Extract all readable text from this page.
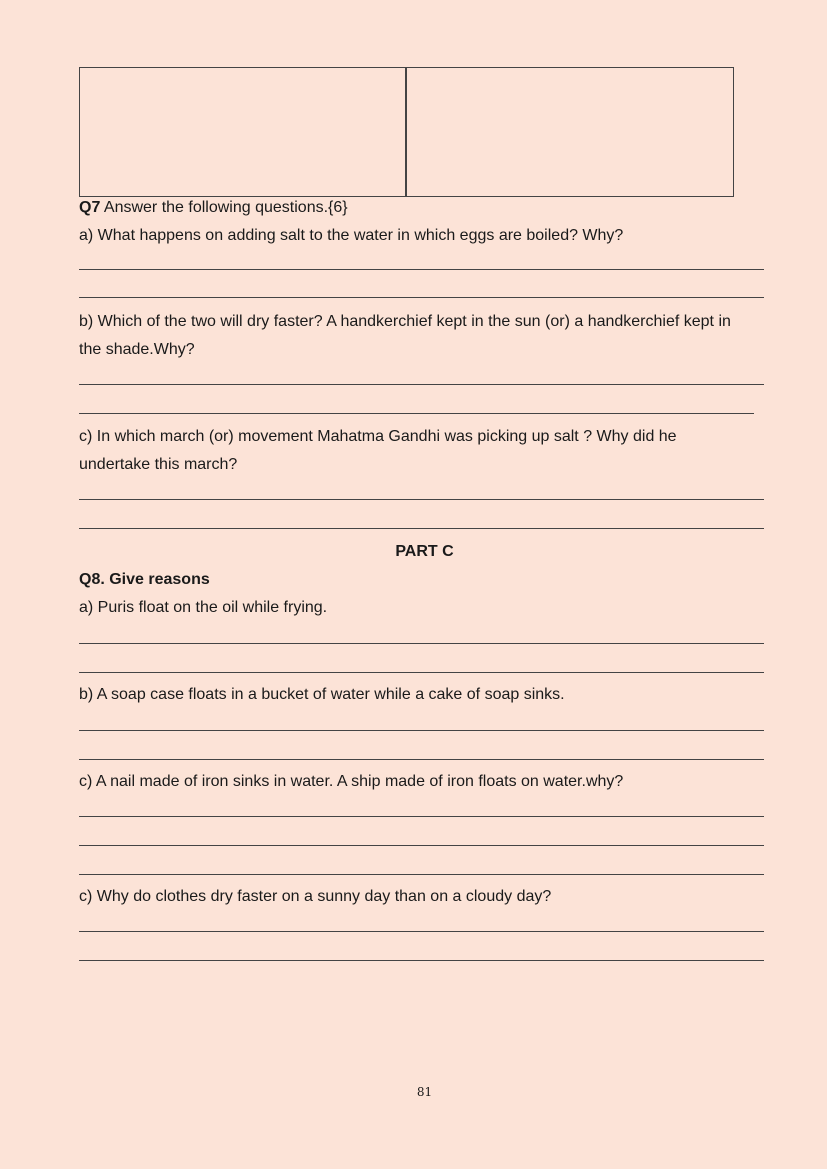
Q7 Answer the following questions.{6}
a) What happens on adding salt to the water in which eggs are boiled? Why?
b) Which of the two will dry faster? A handkerchief kept in the sun (or) a handkerchief kept in
the shade.Why?
c) In which march (or) movement Mahatma Gandhi was picking up salt ? Why did he
undertake this march?
PART C
Q8. Give reasons
a) Puris float on the oil while frying.
b) A soap case floats in a bucket of water while a cake of soap sinks.
c) A nail made of iron sinks in water. A ship made of iron floats on water.why?
c) Why do clothes dry faster on a sunny day than on a cloudy day?
81
